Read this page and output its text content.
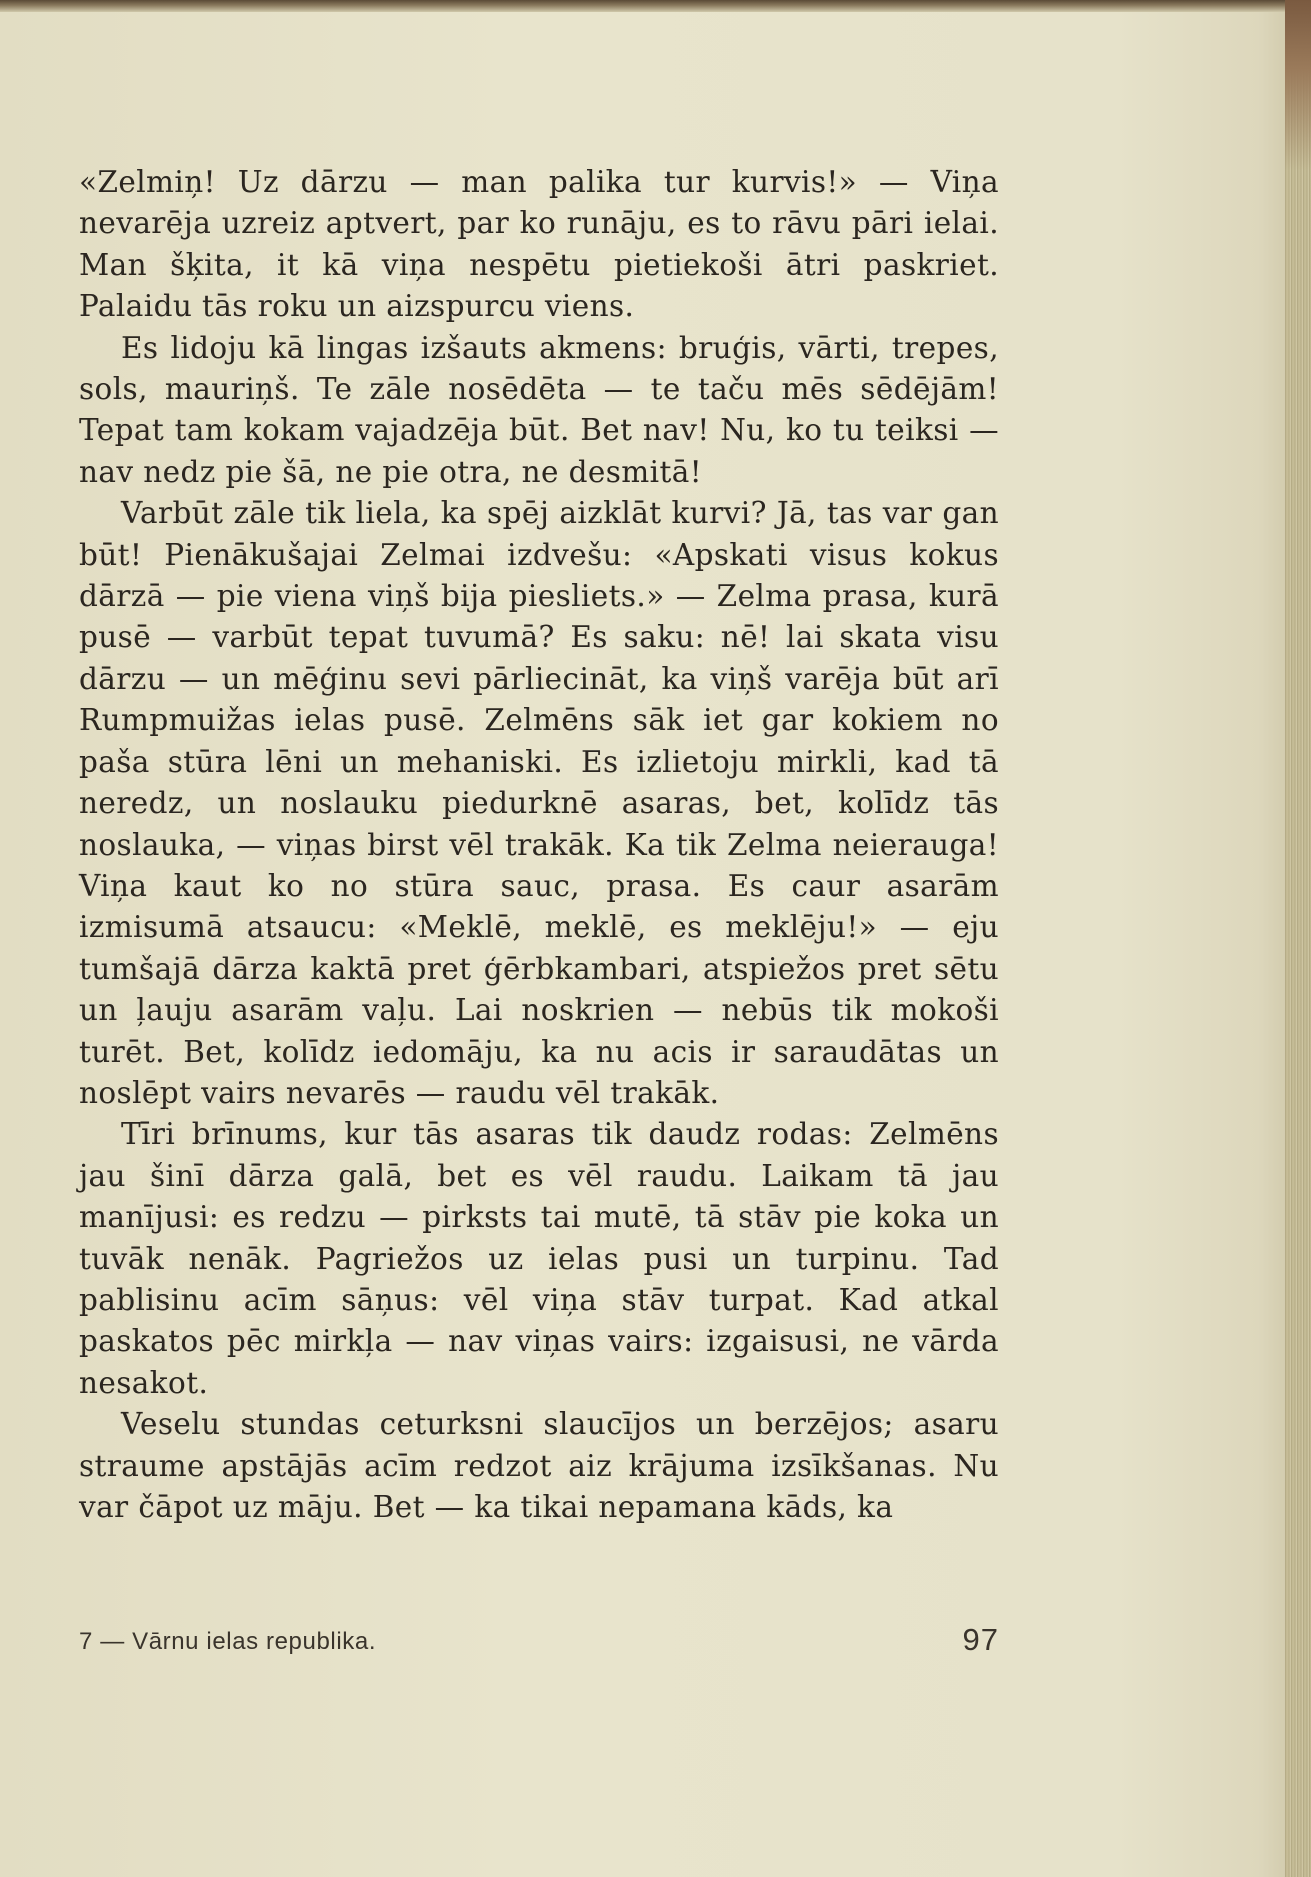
«Zelmiņ! Uz dārzu — man palika tur kurvis!» — Viņa nevarēja uzreiz aptvert, par ko runāju, es to rāvu pāri ielai. Man šķita, it kā viņa nespētu pietiekoši ātri paskriet. Palaidu tās roku un aizspurcu viens.

Es lidoju kā lingas izšauts akmens: bruģis, vārti, trepes, sols, mauriņš. Te zāle nosēdēta — te taču mēs sēdējām! Tepat tam kokam vajadzēja būt. Bet nav! Nu, ko tu teiksi — nav nedz pie šā, ne pie otra, ne desmitā!

Varbūt zāle tik liela, ka spēj aizklāt kurvi? Jā, tas var gan būt! Pienākušajai Zelmai izdvešu: «Apskati visus kokus dārzā — pie viena viņš bija piesliets.» — Zelma prasa, kurā pusē — varbūt tepat tuvumā? Es saku: nē! lai skata visu dārzu — un mēģinu sevi pārliecināt, ka viņš varēja būt arī Rumpmuižas ielas pusē. Zelmēns sāk iet gar kokiem no paša stūra lēni un mehaniski. Es izlietoju mirkli, kad tā neredz, un noslauku piedurknē asaras, bet, kolīdz tās noslauka, — viņas birst vēl trakāk. Ka tik Zelma neierauga! Viņa kaut ko no stūra sauc, prasa. Es caur asarām izmisumā atsaucu: «Meklē, meklē, es meklēju!» — eju tumšajā dārza kaktā pret ģērbkambari, atspiežos pret sētu un ļauju asarām vaļu. Lai noskrien — nebūs tik mokoši turēt. Bet, kolīdz iedomāju, ka nu acis ir saraudātas un noslēpt vairs nevarēs — raudu vēl trakāk.

Tīri brīnums, kur tās asaras tik daudz rodas: Zelmēns jau šinī dārza galā, bet es vēl raudu. Laikam tā jau manījusi: es redzu — pirksts tai mutē, tā stāv pie koka un tuvāk nenāk. Pagriežos uz ielas pusi un turpinu. Tad pablisinu acīm sāņus: vēl viņa stāv turpat. Kad atkal paskatos pēc mirkļa — nav viņas vairs: izgaisusi, ne vārda nesakot.

Veselu stundas ceturksni slaucījos un berzējos; asaru straume apstājās acīm redzot aiz krājuma izsīkšanas. Nu var čāpot uz māju. Bet — ka tikai nepamana kāds, ka

7 — Vārnu ielas republika.	97
